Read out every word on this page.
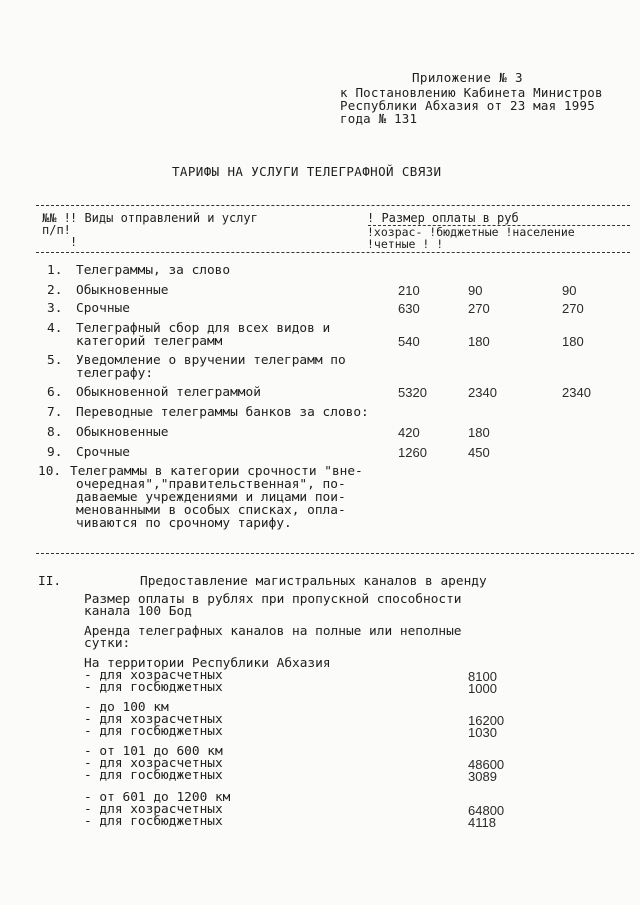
Приложение № 3
к Постановлению Кабинета Министров
Республики Абхазия от 23 мая 1995
года № 131
ТАРИФЫ НА УСЛУГИ ТЕЛЕГРАФНОЙ СВЯЗИ
№№ !
п/п!
!
! Виды отправлений и услуг	! Размер оплаты в руб
!хозрас- !бюджетные !население
!четные ! !
1. Телеграммы, за слово
2. Обыкновенные	210	90	90
3. Срочные	630	270	270
4. Телеграфный сбор для всех видов и
категорий телеграмм	540	180	180
5. Уведомление о вручении телеграмм по
телеграфу:
6. Обыкновенной телеграммой	5320	2340	2340
7. Переводные телеграммы банков за слово:
8. Обыкновенные	420	180
9. Срочные	1260	450
10. Телеграммы в категории срочности "вне-
очередная","правительственная", по-
даваемые учреждениями и лицами пои-
менованными в особых списках, опла-
чиваются по срочному тарифу.
II.	Предоставление магистральных каналов в аренду
Размер оплаты в рублях при пропускной способности
канала 100 Бод
Аренда телеграфных каналов на полные или неполные
сутки:
На территории Республики Абхазия
- для хозрасчетных	8100
- для госбюджетных	1000
- до 100 км
- для хозрасчетных	16200
- для госбюджетных	1030
- от 101 до 600 км
- для хозрасчетных	48600
- для госбюджетных	3089
- от 601 до 1200 км
- для хозрасчетных	64800
- для госбюджетных	4118
